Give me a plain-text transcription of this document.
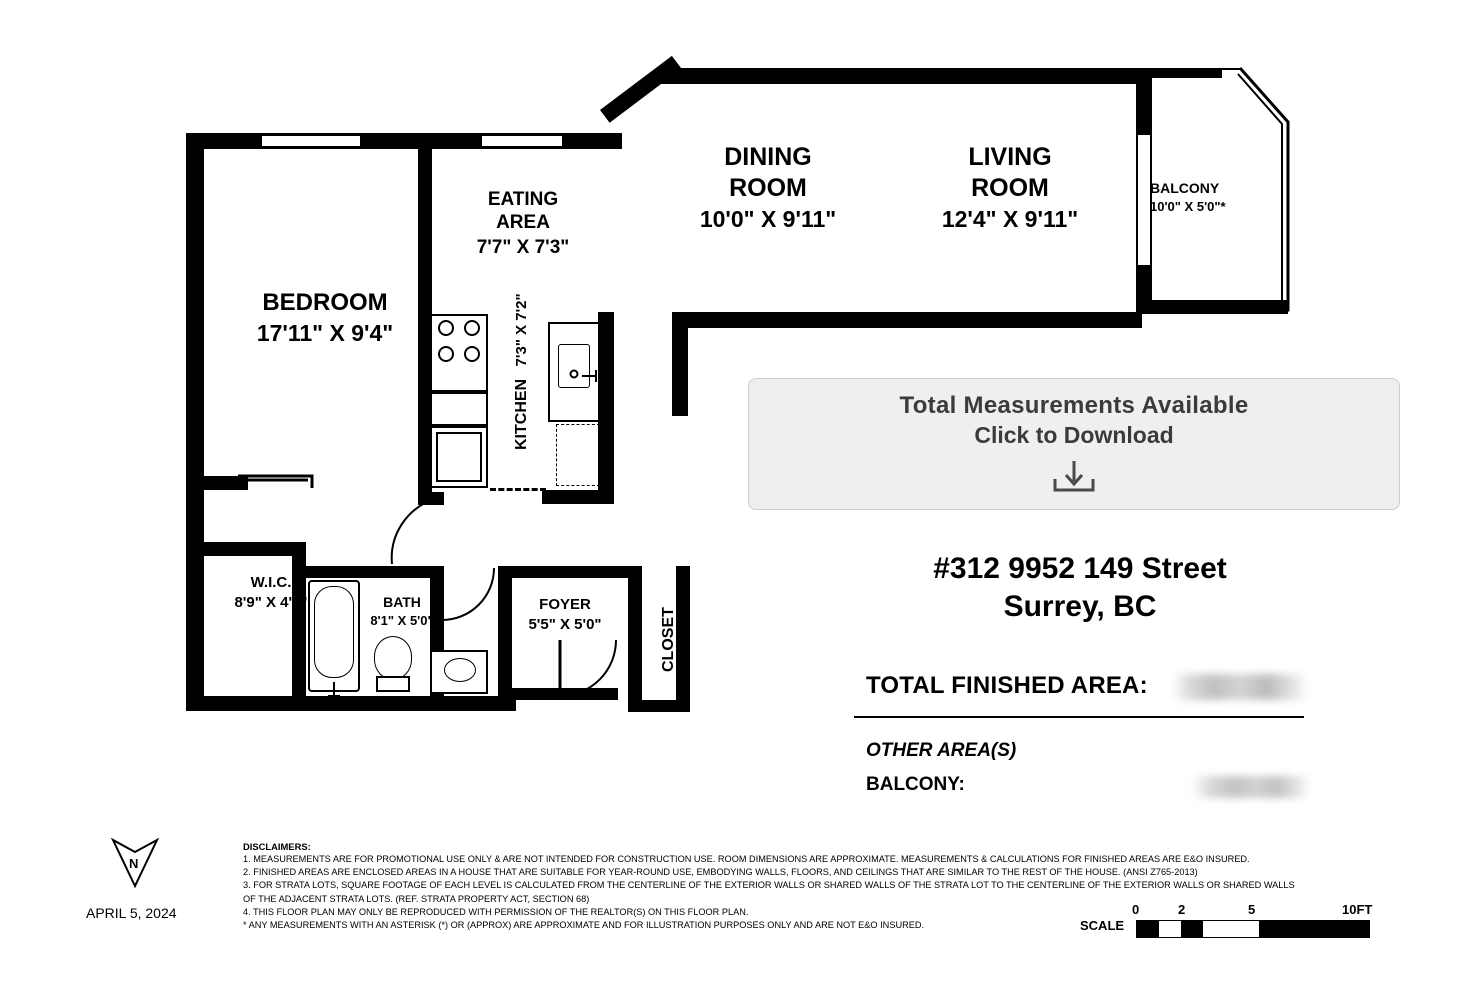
DINING
ROOM
10'0" X 9'11"
LIVING
ROOM
12'4" X 9'11"
BEDROOM
17'11" X 9'4"
EATING
AREA
7'7" X 7'3"
BALCONY
10'0" X 5'0"*
W.I.C.
8'9" X 4'2"	BATH
8'1" X 5'0"
FOYER
5'5" X 5'0"
KITCHEN 7'3" X 7'2"
CLOSET
Total Measurements Available
Click to Download
#312 9952 149 Street
Surrey, BC
TOTAL FINISHED AREA:
OTHER AREA(S)
BALCONY:
DISCLAIMERS:
1. MEASUREMENTS ARE FOR PROMOTIONAL USE ONLY & ARE NOT INTENDED FOR CONSTRUCTION USE. ROOM DIMENSIONS ARE APPROXIMATE. MEASUREMENTS & CALCULATIONS FOR FINISHED AREAS ARE E&O INSURED.
2. FINISHED AREAS ARE ENCLOSED AREAS IN A HOUSE THAT ARE SUITABLE FOR YEAR-ROUND USE, EMBODYING WALLS, FLOORS, AND CEILINGS THAT ARE SIMILAR TO THE REST OF THE HOUSE. (ANSI Z765-2013)
3. FOR STRATA LOTS, SQUARE FOOTAGE OF EACH LEVEL IS CALCULATED FROM THE CENTERLINE OF THE EXTERIOR WALLS OR SHARED WALLS OF THE STRATA LOT TO THE CENTERLINE OF THE EXTERIOR WALLS OR SHARED WALLS OF THE ADJACENT STRATA LOTS. (REF. STRATA PROPERTY ACT, SECTION 68)
4. THIS FLOOR PLAN MAY ONLY BE REPRODUCED WITH PERMISSION OF THE REALTOR(S) ON THIS FLOOR PLAN.
* ANY MEASUREMENTS WITH AN ASTERISK (*) OR (APPROX) ARE APPROXIMATE AND FOR ILLUSTRATION PURPOSES ONLY AND ARE NOT E&O INSURED.
APRIL 5, 2024
N
SCALE
0	2	5	10FT
